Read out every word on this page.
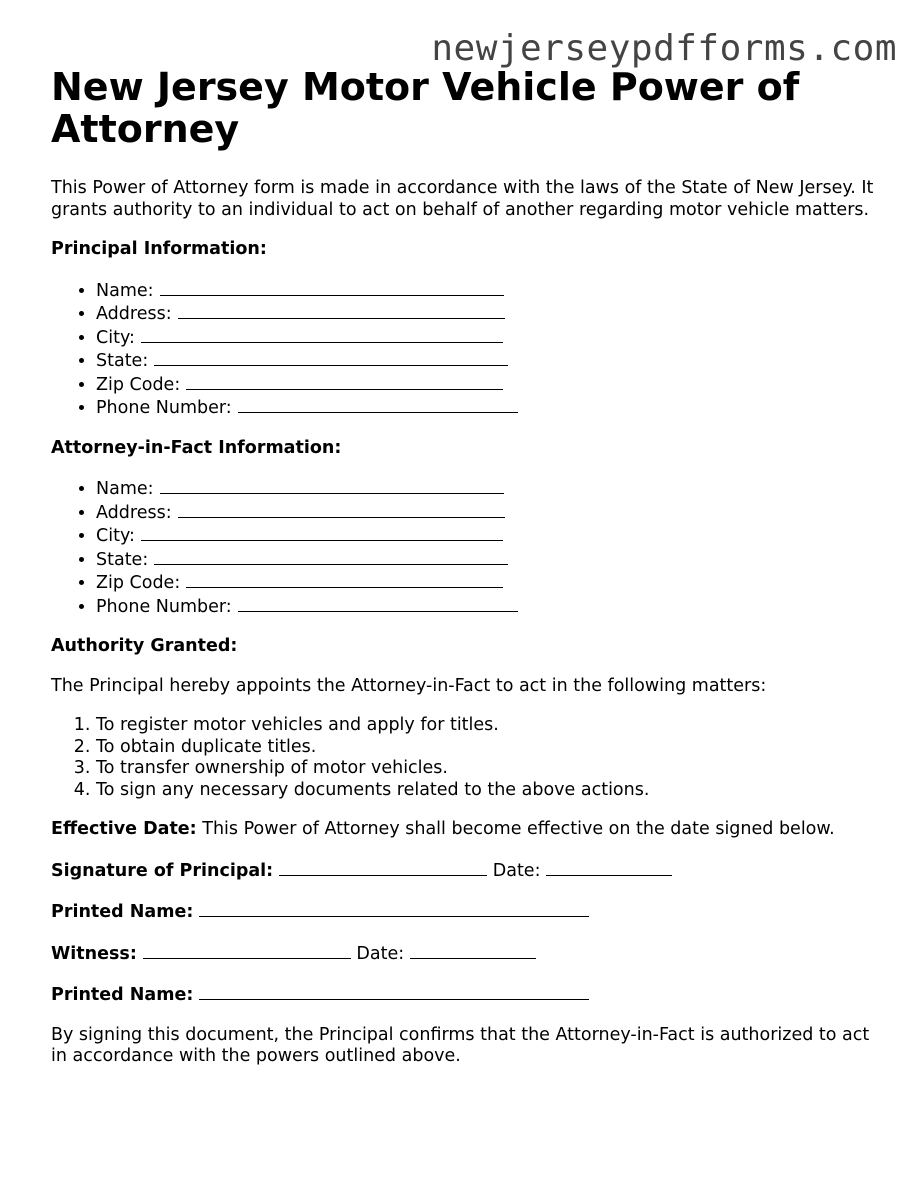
newjerseypdfforms.com
New Jersey Motor Vehicle Power of Attorney

This Power of Attorney form is made in accordance with the laws of the State of New Jersey. It grants authority to an individual to act on behalf of another regarding motor vehicle matters.

Principal Information:

• Name:
• Address:
• City:
• State:
• Zip Code:
• Phone Number:

Attorney-in-Fact Information:

• Name:
• Address:
• City:
• State:
• Zip Code:
• Phone Number:

Authority Granted:

The Principal hereby appoints the Attorney-in-Fact to act in the following matters:

1. To register motor vehicles and apply for titles.
2. To obtain duplicate titles.
3. To transfer ownership of motor vehicles.
4. To sign any necessary documents related to the above actions.

Effective Date: This Power of Attorney shall become effective on the date signed below.

Signature of Principal:	Date:

Printed Name:

Witness:	Date:

Printed Name:

By signing this document, the Principal confirms that the Attorney-in-Fact is authorized to act in accordance with the powers outlined above.
